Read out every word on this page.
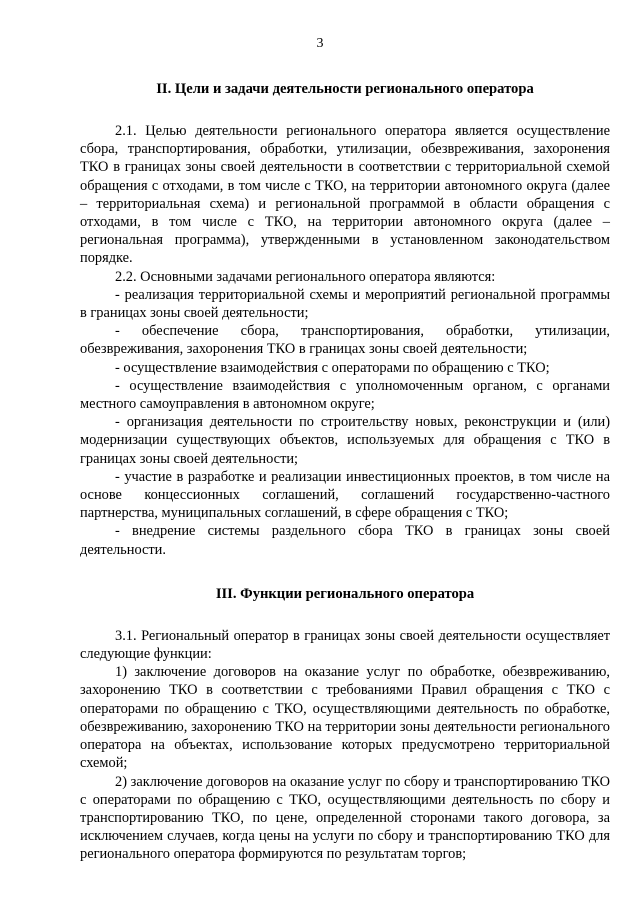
3
II. Цели и задачи деятельности регионального оператора

2.1. Целью деятельности регионального оператора является осуществление сбора, транспортирования, обработки, утилизации, обезвреживания, захоронения ТКО в границах зоны своей деятельности в соответствии с территориальной схемой обращения с отходами, в том числе с ТКО, на территории автономного округа (далее – территориальная схема) и региональной программой в области обращения с отходами, в том числе с ТКО, на территории автономного округа (далее – региональная программа), утвержденными в установленном законодательством порядке.

2.2. Основными задачами регионального оператора являются:

- реализация территориальной схемы и мероприятий региональной программы в границах зоны своей деятельности;

- обеспечение сбора, транспортирования, обработки, утилизации, обезвреживания, захоронения ТКО в границах зоны своей деятельности;

- осуществление взаимодействия с операторами по обращению с ТКО;

- осуществление взаимодействия с уполномоченным органом, с органами местного самоуправления в автономном округе;

- организация деятельности по строительству новых, реконструкции и (или) модернизации существующих объектов, используемых для обращения с ТКО в границах зоны своей деятельности;

- участие в разработке и реализации инвестиционных проектов, в том числе на основе концессионных соглашений, соглашений государственно-частного партнерства, муниципальных соглашений, в сфере обращения с ТКО;

- внедрение системы раздельного сбора ТКО в границах зоны своей деятельности.

III. Функции регионального оператора

3.1. Региональный оператор в границах зоны своей деятельности осуществляет следующие функции:

1) заключение договоров на оказание услуг по обработке, обезвреживанию, захоронению ТКО в соответствии с требованиями Правил обращения с ТКО с операторами по обращению с ТКО, осуществляющими деятельность по обработке, обезвреживанию, захоронению ТКО на территории зоны деятельности регионального оператора на объектах, использование которых предусмотрено территориальной схемой;

2) заключение договоров на оказание услуг по сбору и транспортированию ТКО с операторами по обращению с ТКО, осуществляющими деятельность по сбору и транспортированию ТКО, по цене, определенной сторонами такого договора, за исключением случаев, когда цены на услуги по сбору и транспортированию ТКО для регионального оператора формируются по результатам торгов;
